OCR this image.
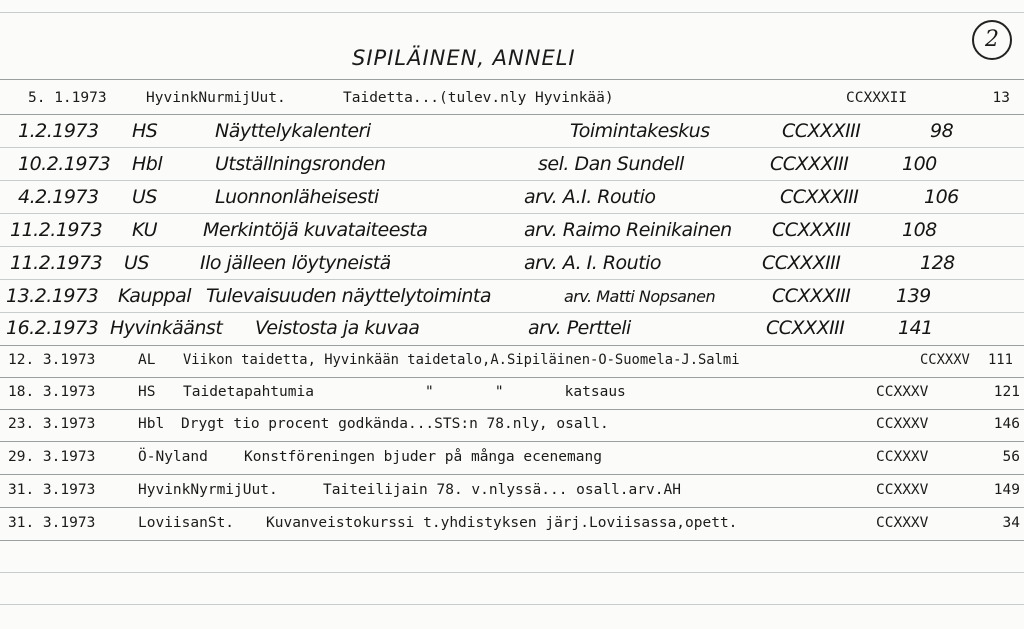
2
SIPILÄINEN, ANNELI
5. 1.1973	HyvinkNurmijUut.	Taidetta...(tulev.nly Hyvinkää)	CCXXXII	13
1.2.1973 HS	Näyttelykalenteri	Toimintakeskus	CCXXXIII	98
10.2.1973 Hbl	Utställningsronden	sel. Dan Sundell	CCXXXIII	100
4.2.1973 US	Luonnonläheisesti	arv. A.I. Routio	CCXXXIII	106
11.2.1973 KU Merkintöjä kuvataiteesta	arv. Raimo Reinikainen CCXXXIII	108
11.2.1973 US	Ilo jälleen löytyneistä	arv. A. I. Routio	CCXXXIII	128
13.2.1973 Kauppal Tulevaisuuden näyttelytoiminta	arv. Matti Nopsanen	CCXXXIII 139
16.2.1973 Hyvinkäänst Veistosta ja kuvaa	arv. Pertteli	CCXXXIII	141
12. 3.1973	AL Viikon taidetta, Hyvinkään taidetalo,A.Sipiläinen-O-Suomela-J.Salmi	CCXXXV 111
18. 3.1973	HS Taidetapahtumia	"       "       katsaus	CCXXXV	121
23. 3.1973	Hbl Drygt tio procent godkända...STS:n 78.nly, osall.	CCXXXV	146
29. 3.1973	Ö-Nyland Konstföreningen bjuder på många ecenemang	CCXXXV	56
31. 3.1973	HyvinkNyrmijUut.	Taiteilijain 78. v.nlyssä... osall.arv.AH	CCXXXV	149
31. 3.1973	LoviisanSt. Kuvanveistokurssi t.yhdistyksen järj.Loviisassa,opett.	CCXXXV	34
